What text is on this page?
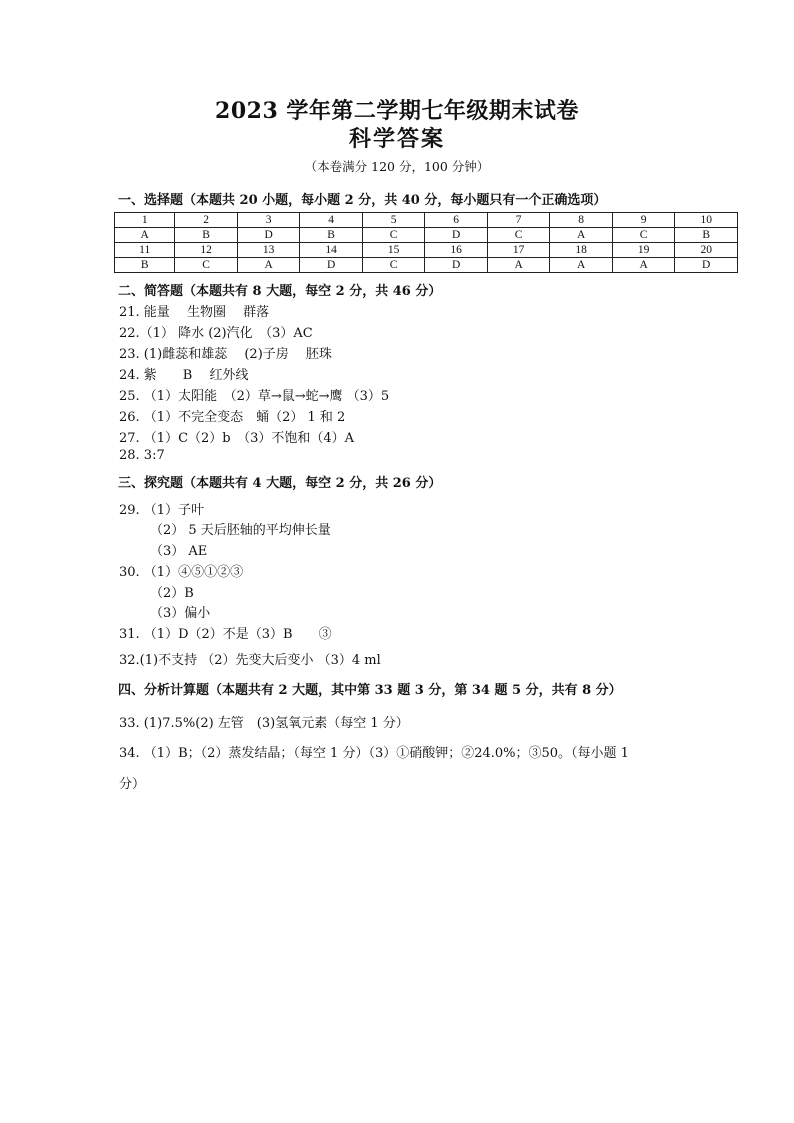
2023 学年第二学期七年级期末试卷
科学答案
（本卷满分 120 分，100 分钟）
一、选择题（本题共 20 小题，每小题 2 分，共 40 分，每小题只有一个正确选项）
1	2	3	4	5	6	7	8	9	10
A	B	D	B	C	D	C	A	C	B
11	12	13	14	15	16	17	18	19	20
B	C	A	D	C	D	A	A	A	D
二、简答题（本题共有 8 大题，每空 2 分，共 46 分）
21. 能量　 生物圈　 群落
22.（1） 降水 (2)汽化　（3）AC
23. (1)雌蕊和雄蕊　 (2)子房　 胚珠
24. 紫　　B　 红外线
25. （1）太阳能　（2）草→鼠→蛇→鹰 （3）5
26. （1）不完全变态　蛹（2） 1 和 2
27. （1）C（2）b　（3）不饱和（4）A
28. 3:7
三、探究题（本题共有 4 大题，每空 2 分，共 26 分）
29. （1）子叶
（2） 5 天后胚轴的平均伸长量
（3） AE
30. （1）④⑤①②③
（2）B
（3）偏小
31. （1）D（2）不是（3）B　　③
32.(1)不支持 （2）先变大后变小 （3）4 ml
四、分析计算题（本题共有 2 大题，其中第 33 题 3 分，第 34 题 5 分，共有 8 分）
33. (1)7.5%(2) 左管　(3)氢氧元素（每空 1 分）
34. （1）B；（2）蒸发结晶；（每空 1 分）（3）①硝酸钾；②24.0%；③50。（每小题 1
分）
